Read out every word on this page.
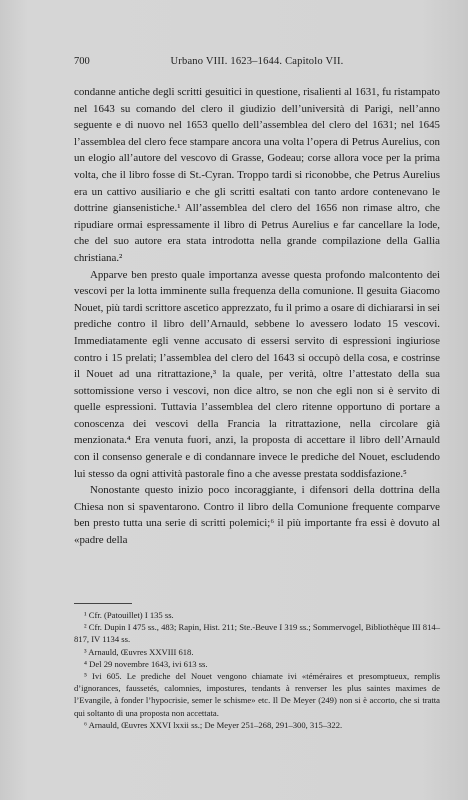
700	Urbano VIII. 1623–1644. Capitolo VII.

condanne antiche degli scritti gesuitici in questione, risalienti al 1631, fu ristampato nel 1643 su comando del clero il giudizio dell’università di Parigi, nell’anno seguente e di nuovo nel 1653 quello dell’assemblea del clero del 1631; nel 1645 l’assemblea del clero fece stampare ancora una volta l’opera di Petrus Aurelius, con un elogio all’autore del vescovo di Grasse, Godeau; corse allora voce per la prima volta, che il libro fosse di St.-Cyran. Troppo tardi si riconobbe, che Petrus Aurelius era un cattivo ausiliario e che gli scritti esaltati con tanto ardore contenevano le dottrine giansenistiche.¹ All’assemblea del clero del 1656 non rimase altro, che ripudiare ormai espressamente il libro di Petrus Aurelius e far cancellare la lode, che del suo autore era stata introdotta nella grande compilazione della Gallia christiana.²

Apparve ben presto quale importanza avesse questa profondo malcontento dei vescovi per la lotta imminente sulla frequenza della comunione. Il gesuita Giacomo Nouet, più tardi scrittore ascetico apprezzato, fu il primo a osare di dichiararsi in sei prediche contro il libro dell’Arnauld, sebbene lo avessero lodato 15 vescovi. Immediatamente egli venne accusato di essersi servito di espressioni ingiuriose contro i 15 prelati; l’assemblea del clero del 1643 si occupò della cosa, e costrinse il Nouet ad una ritrattazione,³ la quale, per verità, oltre l’attestato della sua sottomissione verso i vescovi, non dice altro, se non che egli non si è servito di quelle espressioni. Tuttavia l’assemblea del clero ritenne opportuno di portare a conoscenza dei vescovi della Francia la ritrattazione, nella circolare già menzionata.⁴ Era venuta fuori, anzi, la proposta di accettare il libro dell’Arnauld con il consenso generale e di condannare invece le prediche del Nouet, escludendo lui stesso da ogni attività pastorale fino a che avesse prestata soddisfazione.⁵

Nonostante questo inizio poco incoraggiante, i difensori della dottrina della Chiesa non si spaventarono. Contro il libro della Comunione frequente comparve ben presto tutta una serie di scritti polemici;⁶ il più importante fra essi è dovuto al «padre della

¹ Cfr. (Patouillet) I 135 ss.

² Cfr. Dupin I 475 ss., 483; Rapin, Hist. 211; Ste.-Beuve I 319 ss.; Sommervogel, Bibliothèque III 814–817, IV 1134 ss.

³ Arnauld, Œuvres XXVIII 618.

⁴ Del 29 novembre 1643, ivi 613 ss.

⁵ Ivi 605. Le prediche del Nouet vengono chiamate ivi «téméraires et presomptueux, remplis d’ignorances, faussetés, calomnies, impostures, tendants à renverser les plus saintes maximes de l’Evangile, à fonder l’hypocrisie, semer le schisme» etc. Il De Meyer (249) non si è accorto, che si tratta qui soltanto di una proposta non accettata.

⁶ Arnauld, Œuvres XXVI lxxii ss.; De Meyer 251–268, 291–300, 315–322.
